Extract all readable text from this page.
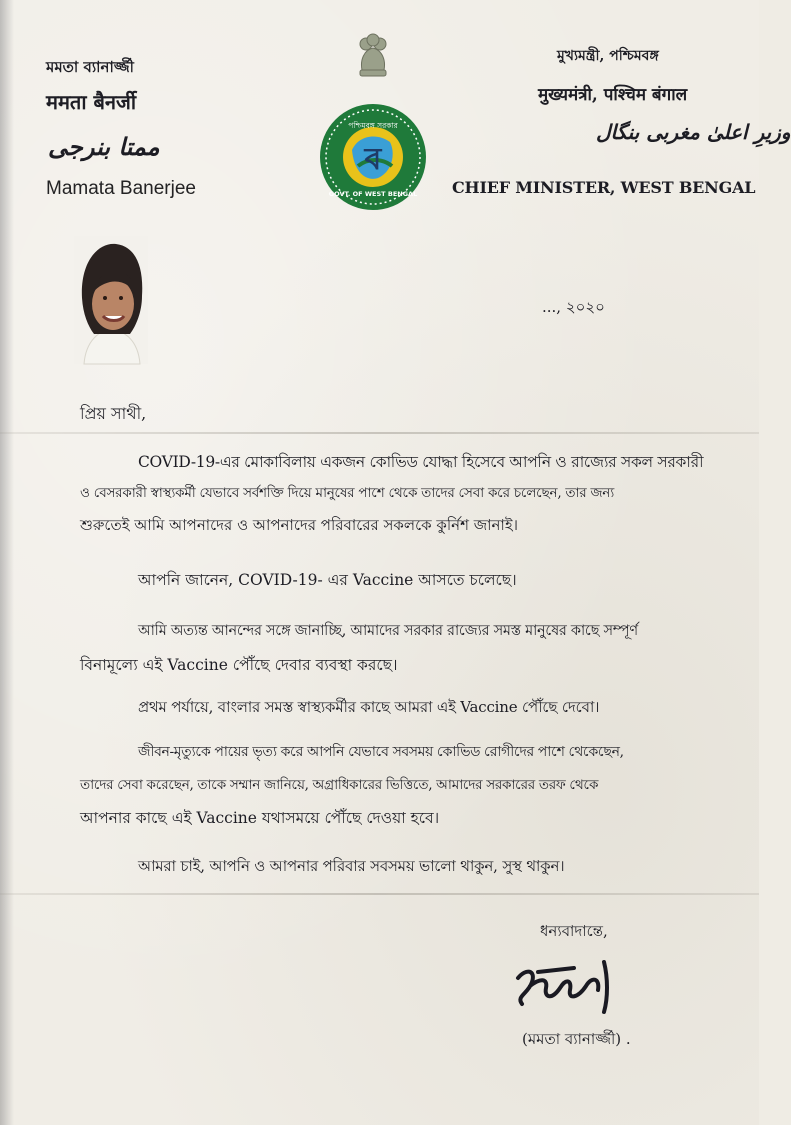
মমতা ব্যানার্জ্জী
ममता बैनर्जी
ممتا بنرجی
Mamata Banerjee
ব
পশ্চিমবঙ্গ সরকার
GOVT. OF WEST BENGAL
মুখ্যমন্ত্রী, পশ্চিমবঙ্গ
मुख्यमंत्री, पश्चिम बंगाल
وزیرِ اعلیٰ مغربی بنگال
CHIEF MINISTER, WEST BENGAL
..., ২০২০
প্রিয় সাথী,
COVID-19-এর মোকাবিলায় একজন কোভিড যোদ্ধা হিসেবে আপনি ও রাজ্যের সকল সরকারী
ও বেসরকারী স্বাস্থ্যকর্মী যেভাবে সর্বশক্তি দিয়ে মানুষের পাশে থেকে তাদের সেবা করে চলেছেন, তার জন্য
শুরুতেই আমি আপনাদের ও আপনাদের পরিবারের সকলকে কুর্নিশ জানাই।
আপনি জানেন, COVID-19- এর Vaccine আসতে চলেছে।
আমি অত্যন্ত আনন্দের সঙ্গে জানাচ্ছি, আমাদের সরকার রাজ্যের সমস্ত মানুষের কাছে সম্পূর্ণ
বিনামূল্যে এই Vaccine পৌঁছে দেবার ব্যবস্থা করছে।
প্রথম পর্যায়ে, বাংলার সমস্ত স্বাস্থ্যকর্মীর কাছে আমরা এই Vaccine পৌঁছে দেবো।
জীবন-মৃত্যুকে পায়ের ভৃত্য করে আপনি যেভাবে সবসময় কোভিড রোগীদের পাশে থেকেছেন,
তাদের সেবা করেছেন, তাকে সম্মান জানিয়ে, অগ্রাধিকারের ভিত্তিতে, আমাদের সরকারের তরফ থেকে
আপনার কাছে এই Vaccine যথাসময়ে পৌঁছে দেওয়া হবে।
আমরা চাই, আপনি ও আপনার পরিবার সবসময় ভালো থাকুন, সুস্থ থাকুন।
ধন্যবাদান্তে,
(মমতা ব্যানার্জ্জী) .
